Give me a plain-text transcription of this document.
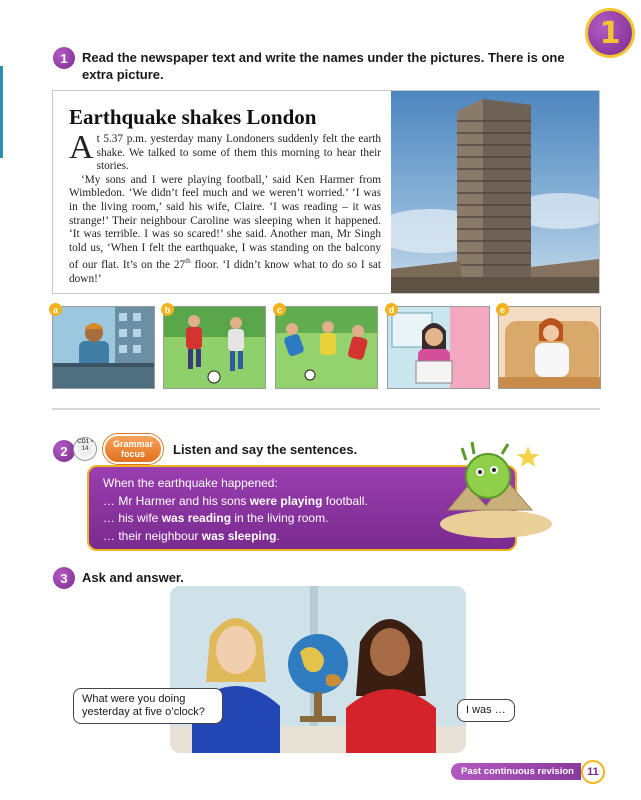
1
1 Read the newspaper text and write the names under the pictures. There is one extra picture.
Earthquake shakes London

At 5.37 p.m. yesterday many Londoners suddenly felt the earth shake. We talked to some of them this morning to hear their stories.

‘My sons and I were playing football,’ said Ken Harmer from Wimbledon. ‘We didn’t feel much and we weren’t worried.’ ‘I was in the living room,’ said his wife, Claire. ‘I was reading – it was strange!’ Their neighbour Caroline was sleeping when it happened. ‘It was terrible. I was so scared!’ she said. Another man, Mr Singh told us, ‘When I felt the earthquake, I was standing on the balcony of our flat. It’s on the 27th floor. ‘I didn’t know what to do so I sat down!’

a	b	c	d	e
2
CD1 • 14	Grammar focus	Listen and say the sentences.
When the earthquake happened:
… Mr Harmer and his sons were playing football.
… his wife was reading in the living room.
… their neighbour was sleeping.
3 Ask and answer.
What were you doing yesterday at five o’clock?	I was …
Past continuous revision	11
